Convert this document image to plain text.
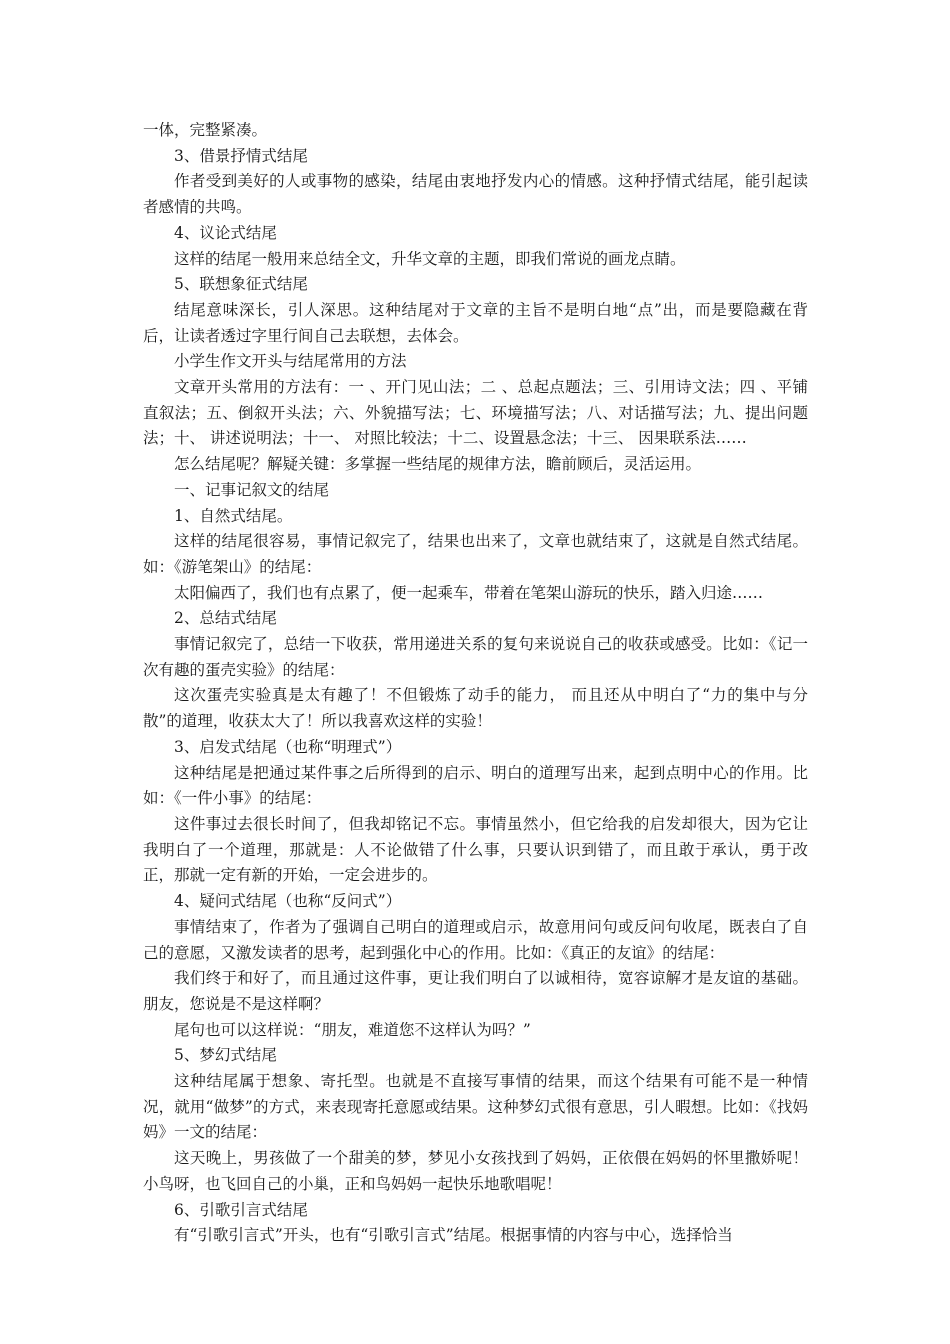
一体，完整紧凑。

3、借景抒情式结尾

作者受到美好的人或事物的感染，结尾由衷地抒发内心的情感。这种抒情式结尾，能引起读者感情的共鸣。

4、议论式结尾

这样的结尾一般用来总结全文，升华文章的主题，即我们常说的画龙点睛。

5、联想象征式结尾

结尾意味深长，引人深思。这种结尾对于文章的主旨不是明白地“点”出，而是要隐藏在背后，让读者透过字里行间自己去联想，去体会。

小学生作文开头与结尾常用的方法

文章开头常用的方法有：一 、开门见山法；二 、总起点题法；三、引用诗文法；四 、平铺直叙法；五、倒叙开头法；六、外貌描写法；七、环境描写法；八、对话描写法；九、提出问题法；十、 讲述说明法；十一、 对照比较法；十二、设置悬念法；十三、 因果联系法……

怎么结尾呢？解疑关键：多掌握一些结尾的规律方法，瞻前顾后，灵活运用。

一、记事记叙文的结尾

1、自然式结尾。

这样的结尾很容易，事情记叙完了，结果也出来了，文章也就结束了，这就是自然式结尾。如：《游笔架山》的结尾：

太阳偏西了，我们也有点累了，便一起乘车，带着在笔架山游玩的快乐，踏入归途……

2、总结式结尾

事情记叙完了，总结一下收获，常用递进关系的复句来说说自己的收获或感受。比如：《记一次有趣的蛋壳实验》的结尾：

这次蛋壳实验真是太有趣了！不但锻炼了动手的能力， 而且还从中明白了“力的集中与分散”的道理，收获太大了！所以我喜欢这样的实验！

3、启发式结尾（也称“明理式”）

这种结尾是把通过某件事之后所得到的启示、明白的道理写出来，起到点明中心的作用。比如：《一件小事》的结尾：

这件事过去很长时间了，但我却铭记不忘。事情虽然小，但它给我的启发却很大，因为它让我明白了一个道理，那就是：人不论做错了什么事，只要认识到错了，而且敢于承认，勇于改正，那就一定有新的开始，一定会进步的。

4、疑问式结尾（也称“反问式”）

事情结束了，作者为了强调自己明白的道理或启示，故意用问句或反问句收尾，既表白了自己的意愿，又激发读者的思考，起到强化中心的作用。比如：《真正的友谊》的结尾：

我们终于和好了，而且通过这件事，更让我们明白了以诚相待，宽容谅解才是友谊的基础。朋友，您说是不是这样啊？

尾句也可以这样说：“朋友，难道您不这样认为吗？”

5、梦幻式结尾

这种结尾属于想象、寄托型。也就是不直接写事情的结果，而这个结果有可能不是一种情况，就用“做梦”的方式，来表现寄托意愿或结果。这种梦幻式很有意思，引人暇想。比如：《找妈妈》一文的结尾：

这天晚上，男孩做了一个甜美的梦，梦见小女孩找到了妈妈，正依偎在妈妈的怀里撒娇呢！小鸟呀，也飞回自己的小巢，正和鸟妈妈一起快乐地歌唱呢！

6、引歌引言式结尾

有“引歌引言式”开头，也有“引歌引言式”结尾。根据事情的内容与中心，选择恰当
